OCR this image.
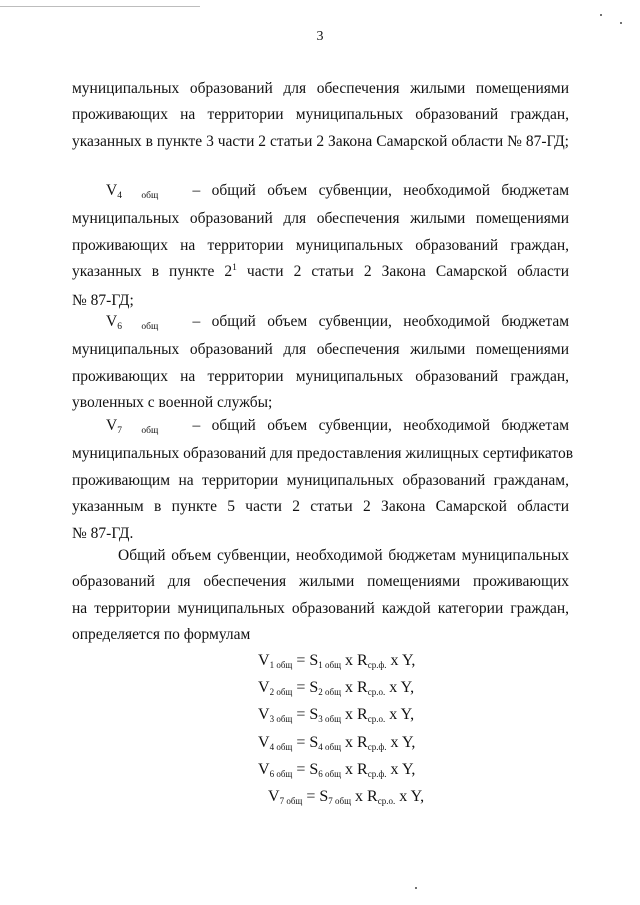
3
муниципальных образований для обеспечения жилыми помещениями
проживающих на территории муниципальных образований граждан,
указанных в пункте 3 части 2 статьи 2 Закона Самарской области № 87-ГД;
V4 общ – общий объем субвенции, необходимой бюджетам
муниципальных образований для обеспечения жилыми помещениями
проживающих на территории муниципальных образований граждан,
указанных в пункте $2^1$ части 2 статьи 2 Закона Самарской области
№ 87-ГД;
V6 общ – общий объем субвенции, необходимой бюджетам
муниципальных образований для обеспечения жилыми помещениями
проживающих на территории муниципальных образований граждан,
уволенных с военной службы;
V7 общ – общий объем субвенции, необходимой бюджетам
муниципальных образований для предоставления жилищных сертификатов
проживающим на территории муниципальных образований гражданам,
указанным в пункте 5 части 2 статьи 2 Закона Самарской области
№ 87-ГД.
Общий объем субвенции, необходимой бюджетам муниципальных
образований для обеспечения жилыми помещениями проживающих
на территории муниципальных образований каждой категории граждан,
определяется по формулам
V1 общ = S1 общ x Rср.ф. x Y,
V2 общ = S2 общ x Rср.о. x Y,
V3 общ = S3 общ x Rср.о. x Y,
V4 общ = S4 общ x Rср.ф. x Y,
V6 общ = S6 общ x Rср.ф. x Y,
V7 общ = S7 общ x Rср.о. x Y,
